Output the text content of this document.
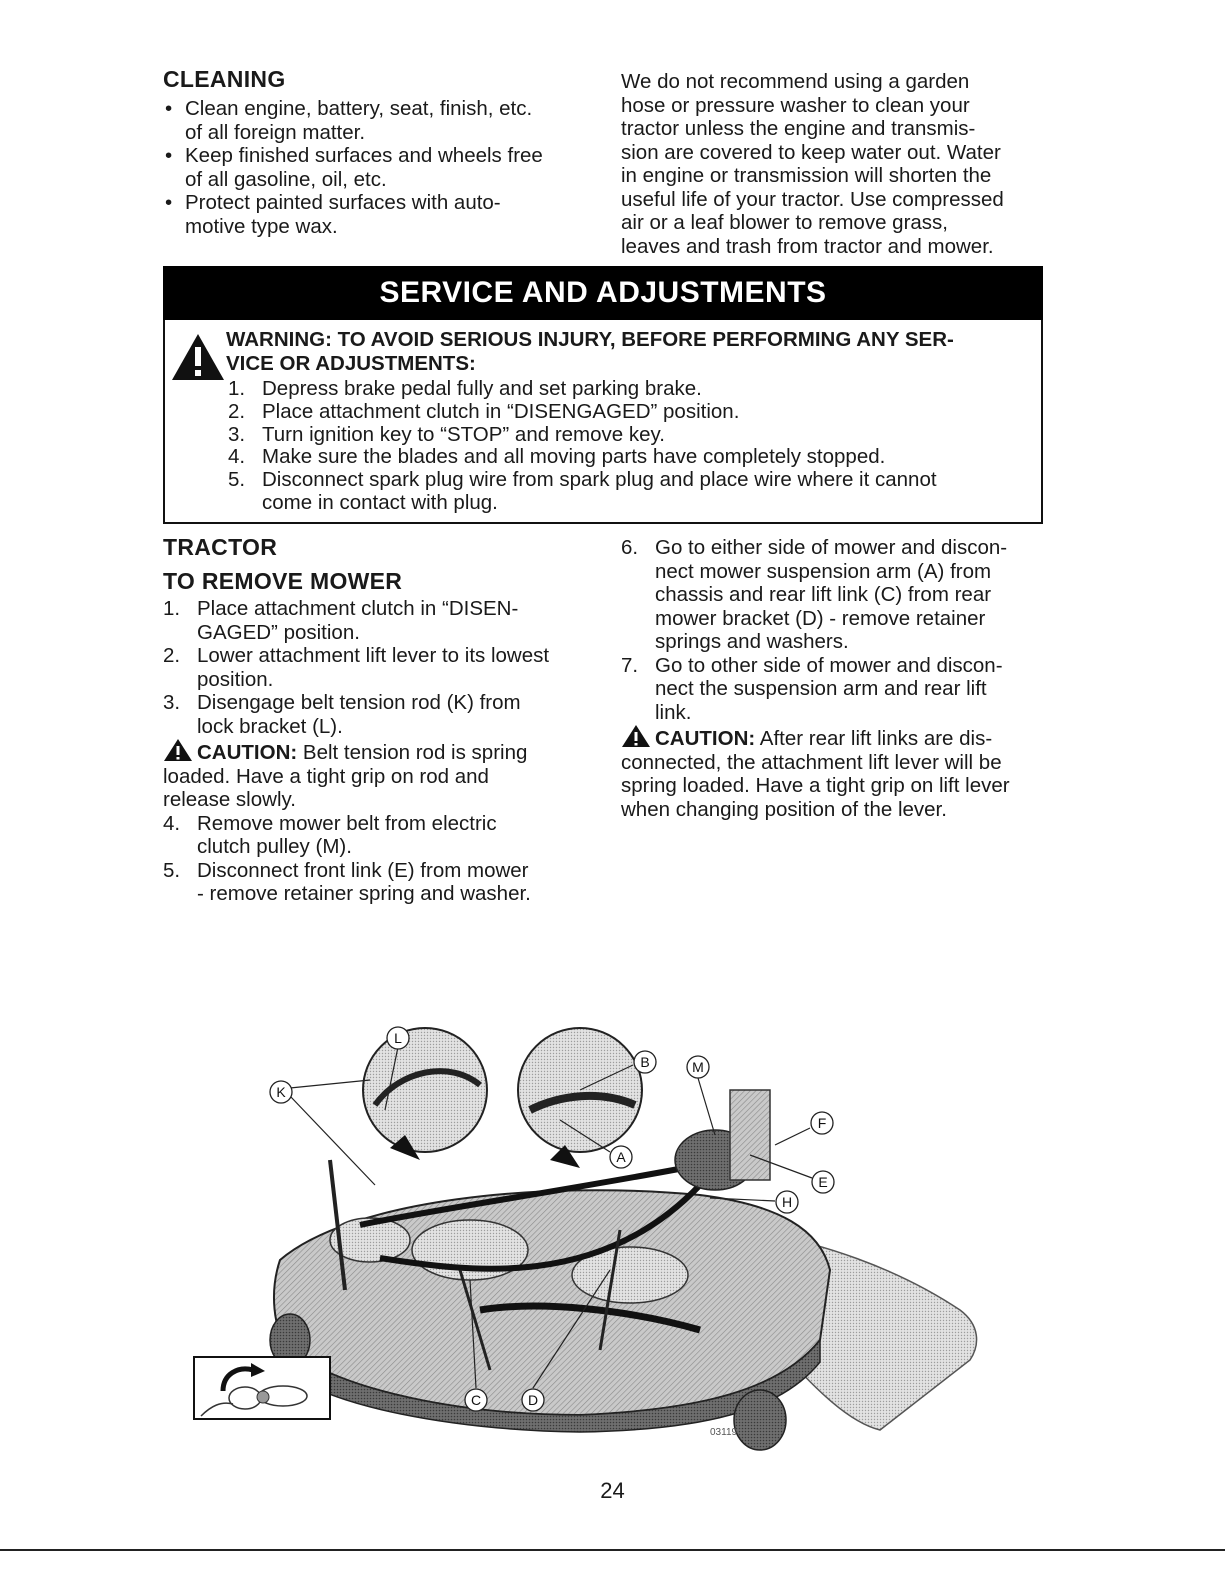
CLEANING
• Clean engine, battery, seat, finish, etc.
of all foreign matter.
• Keep finished surfaces and wheels free
of all gasoline, oil, etc.
• Protect painted surfaces with auto-
motive type wax.
We do not recommend using a garden
hose or pressure washer to clean your
tractor unless the engine and transmis-
sion are covered to keep water out. Water
in engine or transmission will shorten the
useful life of your tractor. Use compressed
air or a leaf blower to remove grass,
leaves and trash from tractor and mower.
SERVICE AND ADJUSTMENTS
WARNING: TO AVOID SERIOUS INJURY, BEFORE PERFORMING ANY SER-
VICE OR ADJUSTMENTS:
1. Depress brake pedal fully and set parking brake.
2. Place attachment clutch in “DISENGAGED” position.
3. Turn ignition key to “STOP” and remove key.
4. Make sure the blades and all moving parts have completely stopped.
5. Disconnect spark plug wire from spark plug and place wire where it cannot
come in contact with plug.
TRACTOR
TO REMOVE MOWER
1. Place attachment clutch in “DISEN-
GAGED” position.
2. Lower attachment lift lever to its lowest
position.
3. Disengage belt tension rod (K) from
lock bracket (L).
CAUTION: Belt tension rod is spring
loaded. Have a tight grip on rod and
release slowly.
4. Remove mower belt from electric
clutch pulley (M).
5. Disconnect front link (E) from mower
- remove retainer spring and washer.
6. Go to either side of mower and discon-
nect mower suspension arm (A) from
chassis and rear lift link (C) from rear
mower bracket (D) - remove retainer
springs and washers.
7. Go to other side of mower and discon-
nect the suspension arm and rear lift
link.
CAUTION: After rear lift links are dis-
connected, the attachment lift lever will be
spring loaded. Have a tight grip on lift lever
when changing position of the lever.
L
K
B	M
A
F
E
H
C	D
03119
24
